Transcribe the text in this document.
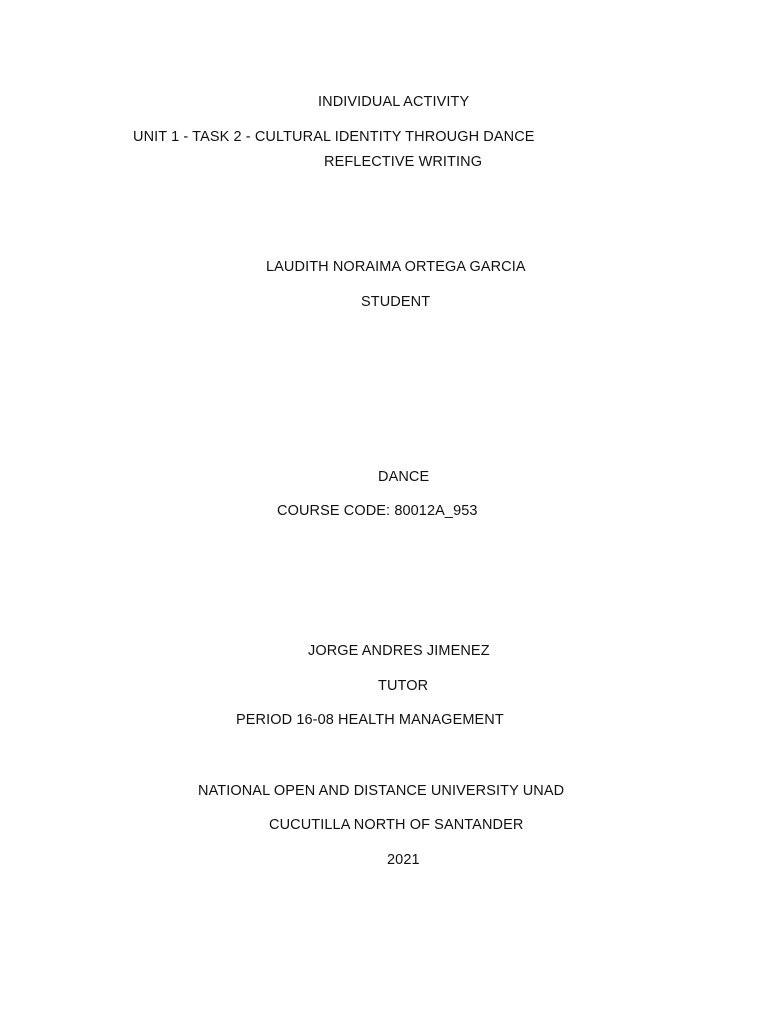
INDIVIDUAL ACTIVITY
UNIT 1 - TASK 2 - CULTURAL IDENTITY THROUGH DANCE
REFLECTIVE WRITING
LAUDITH NORAIMA ORTEGA GARCIA
STUDENT
DANCE
COURSE CODE: 80012A_953
JORGE ANDRES JIMENEZ
TUTOR
PERIOD 16-08 HEALTH MANAGEMENT
NATIONAL OPEN AND DISTANCE UNIVERSITY UNAD
CUCUTILLA NORTH OF SANTANDER
2021
